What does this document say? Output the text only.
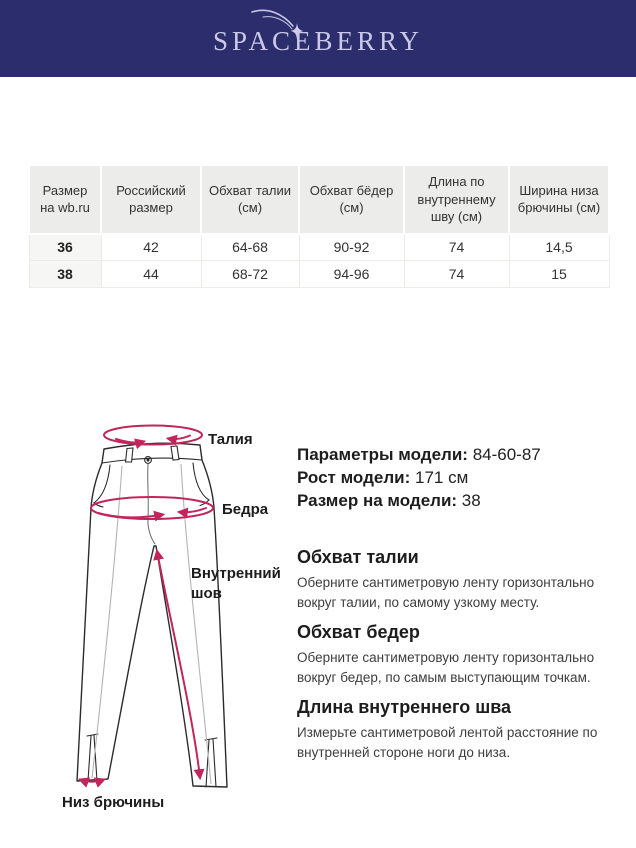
SPACEBERRY
Размер на wb.ru	Российский размер	Обхват талии (см)	Обхват бёдер (см)	Длина по внутреннему шву (см)	Ширина низа брючины (см)
36	42	64-68	90-92	74	14,5
38	44	68-72	94-96	74	15
Талия
Бедра
Внутренний
шов
Низ брючины
Параметры модели: 84-60-87
Рост модели: 171 см
Размер на модели: 38
Обхват талии
Оберните сантиметровую ленту горизонтально вокруг талии, по самому узкому месту.
Обхват бедер
Оберните сантиметровую ленту горизонтально вокруг бедер, по самым выступающим точкам.
Длина внутреннего шва
Измерьте сантиметровой лентой расстояние по внутренней стороне ноги до низа.
